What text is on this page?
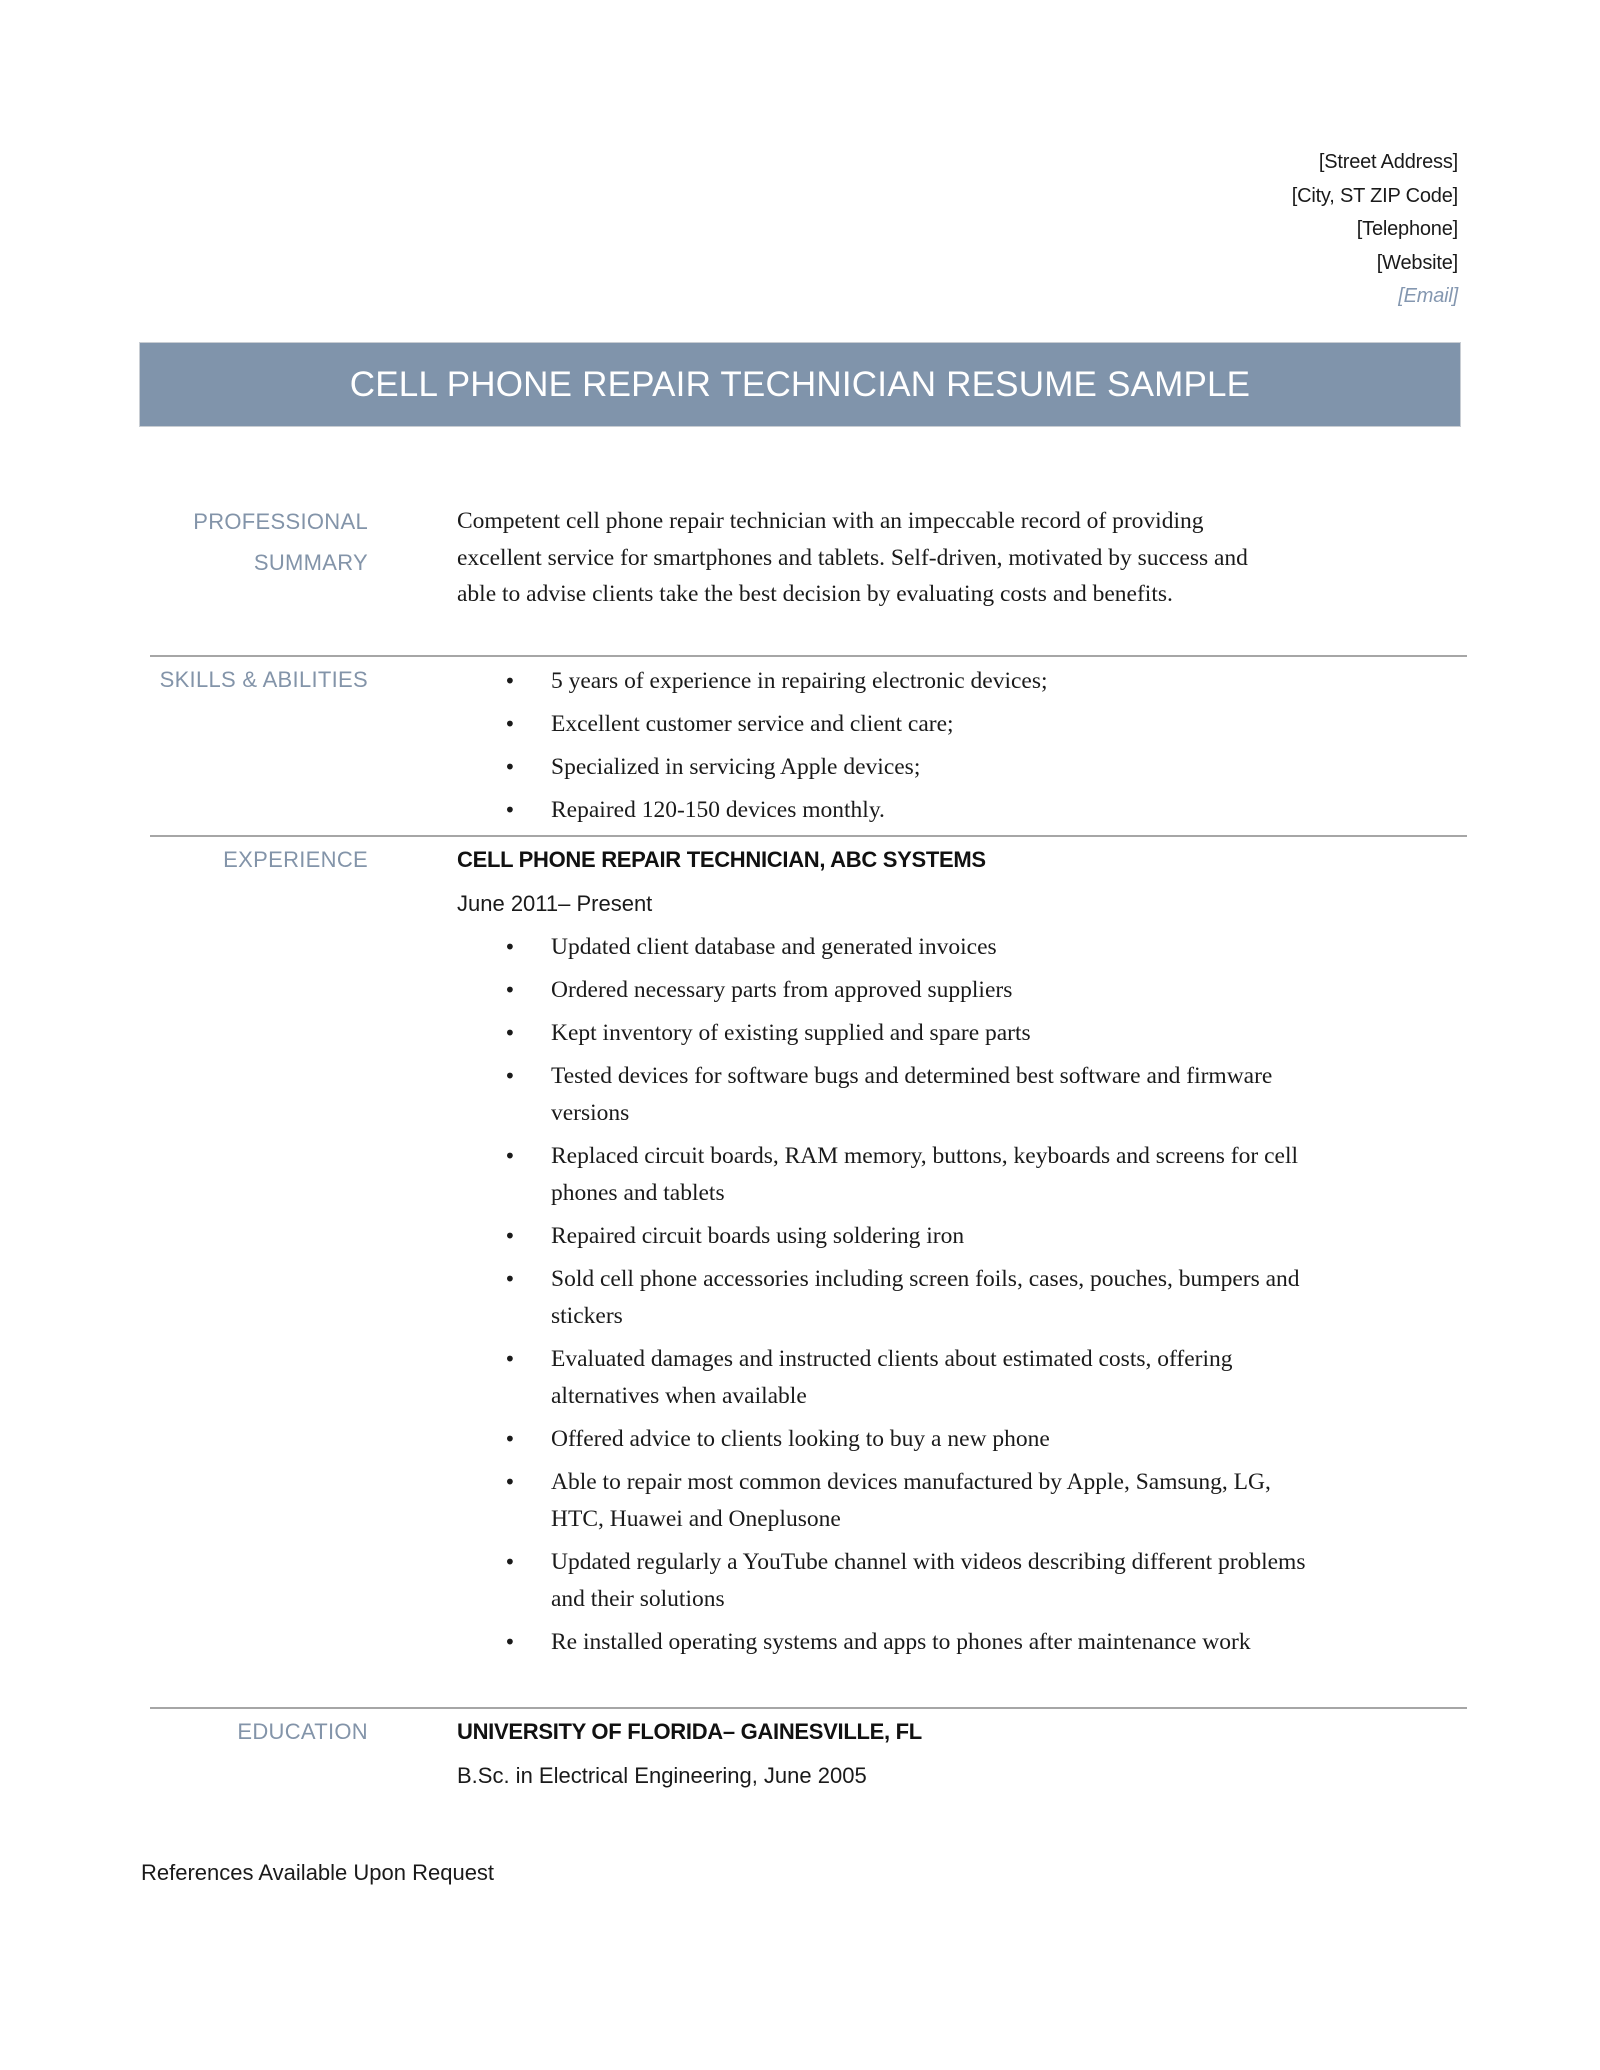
[Street Address]
[City, ST ZIP Code]
[Telephone]
[Website]
[Email]
CELL PHONE REPAIR TECHNICIAN RESUME SAMPLE
PROFESSIONAL
SUMMARY
Competent cell phone repair technician with an impeccable record of providing excellent service for smartphones and tablets. Self-driven, motivated by success and able to advise clients take the best decision by evaluating costs and benefits.
SKILLS & ABILITIES	• 5 years of experience in repairing electronic devices;
• Excellent customer service and client care;
• Specialized in servicing Apple devices;
• Repaired 120-150 devices monthly.
EXPERIENCE	CELL PHONE REPAIR TECHNICIAN, ABC SYSTEMS
June 2011– Present
• Updated client database and generated invoices
• Ordered necessary parts from approved suppliers
• Kept inventory of existing supplied and spare parts
• Tested devices for software bugs and determined best software and firmware versions
• Replaced circuit boards, RAM memory, buttons, keyboards and screens for cell phones and tablets
• Repaired circuit boards using soldering iron
• Sold cell phone accessories including screen foils, cases, pouches, bumpers and stickers
• Evaluated damages and instructed clients about estimated costs, offering alternatives when available
• Offered advice to clients looking to buy a new phone
• Able to repair most common devices manufactured by Apple, Samsung, LG, HTC, Huawei and Oneplusone
• Updated regularly a YouTube channel with videos describing different problems and their solutions
• Re installed operating systems and apps to phones after maintenance work
EDUCATION	UNIVERSITY OF FLORIDA– GAINESVILLE, FL
B.Sc. in Electrical Engineering, June 2005
References Available Upon Request
